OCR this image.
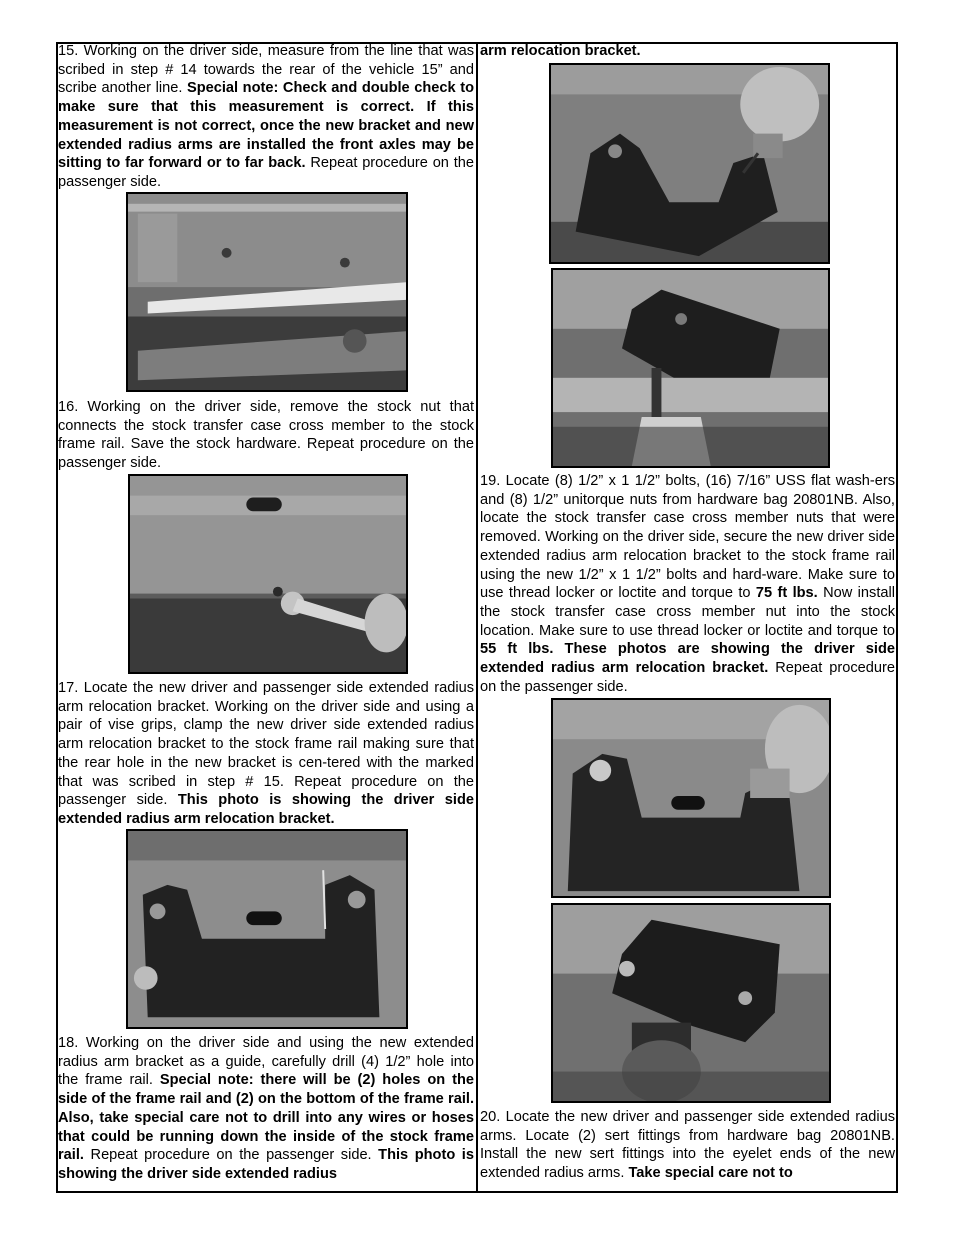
15. Working on the driver side, measure from the line that was scribed in step # 14 towards the rear of the vehicle 15” and scribe another line. Special note: Check and double check to make sure that this measurement is correct. If this measurement is not correct, once the new bracket and new extended radius arms are installed the front axles may be sitting to far forward or to far back. Repeat procedure on the passenger side.

16. Working on the driver side, remove the stock nut that connects the stock transfer case cross member to the stock frame rail. Save the stock hardware. Repeat procedure on the passenger side.

17. Locate the new driver and passenger side extended radius arm relocation bracket. Working on the driver side and using a pair of vise grips, clamp the new driver side extended radius arm relocation bracket to the stock frame rail making sure that the rear hole in the new bracket is cen-tered with the marked that was scribed in step # 15. Repeat procedure on the passenger side. This photo is showing the driver side extended radius arm relocation bracket.

18. Working on the driver side and using the new extended radius arm bracket as a guide, carefully drill (4) 1/2” hole into the frame rail. Special note: there will be (2) holes on the side of the frame rail and (2) on the bottom of the frame rail. Also, take special care not to drill into any wires or hoses that could be running down the inside of the stock frame rail. Repeat procedure on the passenger side. This photo is showing the driver side extended radius

arm relocation bracket.

19. Locate (8) 1/2” x 1 1/2” bolts, (16) 7/16” USS flat wash-ers and (8) 1/2” unitorque nuts from hardware bag 20801NB. Also, locate the stock transfer case cross member nuts that were removed. Working on the driver side, secure the new driver side extended radius arm relocation bracket to the stock frame rail using the new 1/2” x 1 1/2” bolts and hard-ware. Make sure to use thread locker or loctite and torque to 75 ft lbs. Now install the stock transfer case cross member nut into the stock location. Make sure to use thread locker or loctite and torque to 55 ft lbs. These photos are showing the driver side extended radius arm relocation bracket. Repeat procedure on the passenger side.

20. Locate the new driver and passenger side extended radius arms. Locate (2) sert fittings from hardware bag 20801NB. Install the new sert fittings into the eyelet ends of the new extended radius arms. Take special care not to
